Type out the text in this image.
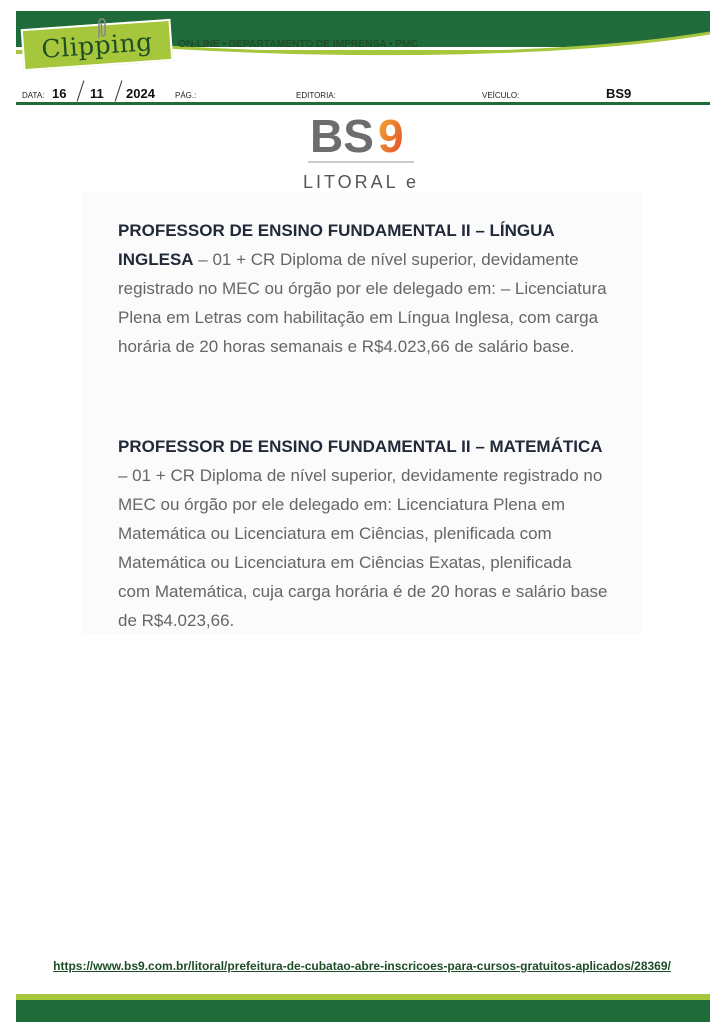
Clipping ON-LINE • DEPARTAMENTO DE IMPRENSA • PMC
DATA: 16 11 2024	PÁG.:	EDITORIA:	VEÍCULO:	BS9
BS 9
LITORAL e
PROFESSOR DE ENSINO FUNDAMENTAL II – LÍNGUA INGLESA – 01 + CR Diploma de nível superior, devidamente registrado no MEC ou órgão por ele delegado em: – Licenciatura Plena em Letras com habilitação em Língua Inglesa, com carga horária de 20 horas semanais e R$4.023,66 de salário base.
PROFESSOR DE ENSINO FUNDAMENTAL II – MATEMÁTICA – 01 + CR Diploma de nível superior, devidamente registrado no MEC ou órgão por ele delegado em: Licenciatura Plena em Matemática ou Licenciatura em Ciências, plenificada com Matemática ou Licenciatura em Ciências Exatas, plenificada com Matemática, cuja carga horária é de 20 horas e salário base de R$4.023,66.
https://www.bs9.com.br/litoral/prefeitura-de-cubatao-abre-inscricoes-para-cursos-gratuitos-aplicados/28369/
